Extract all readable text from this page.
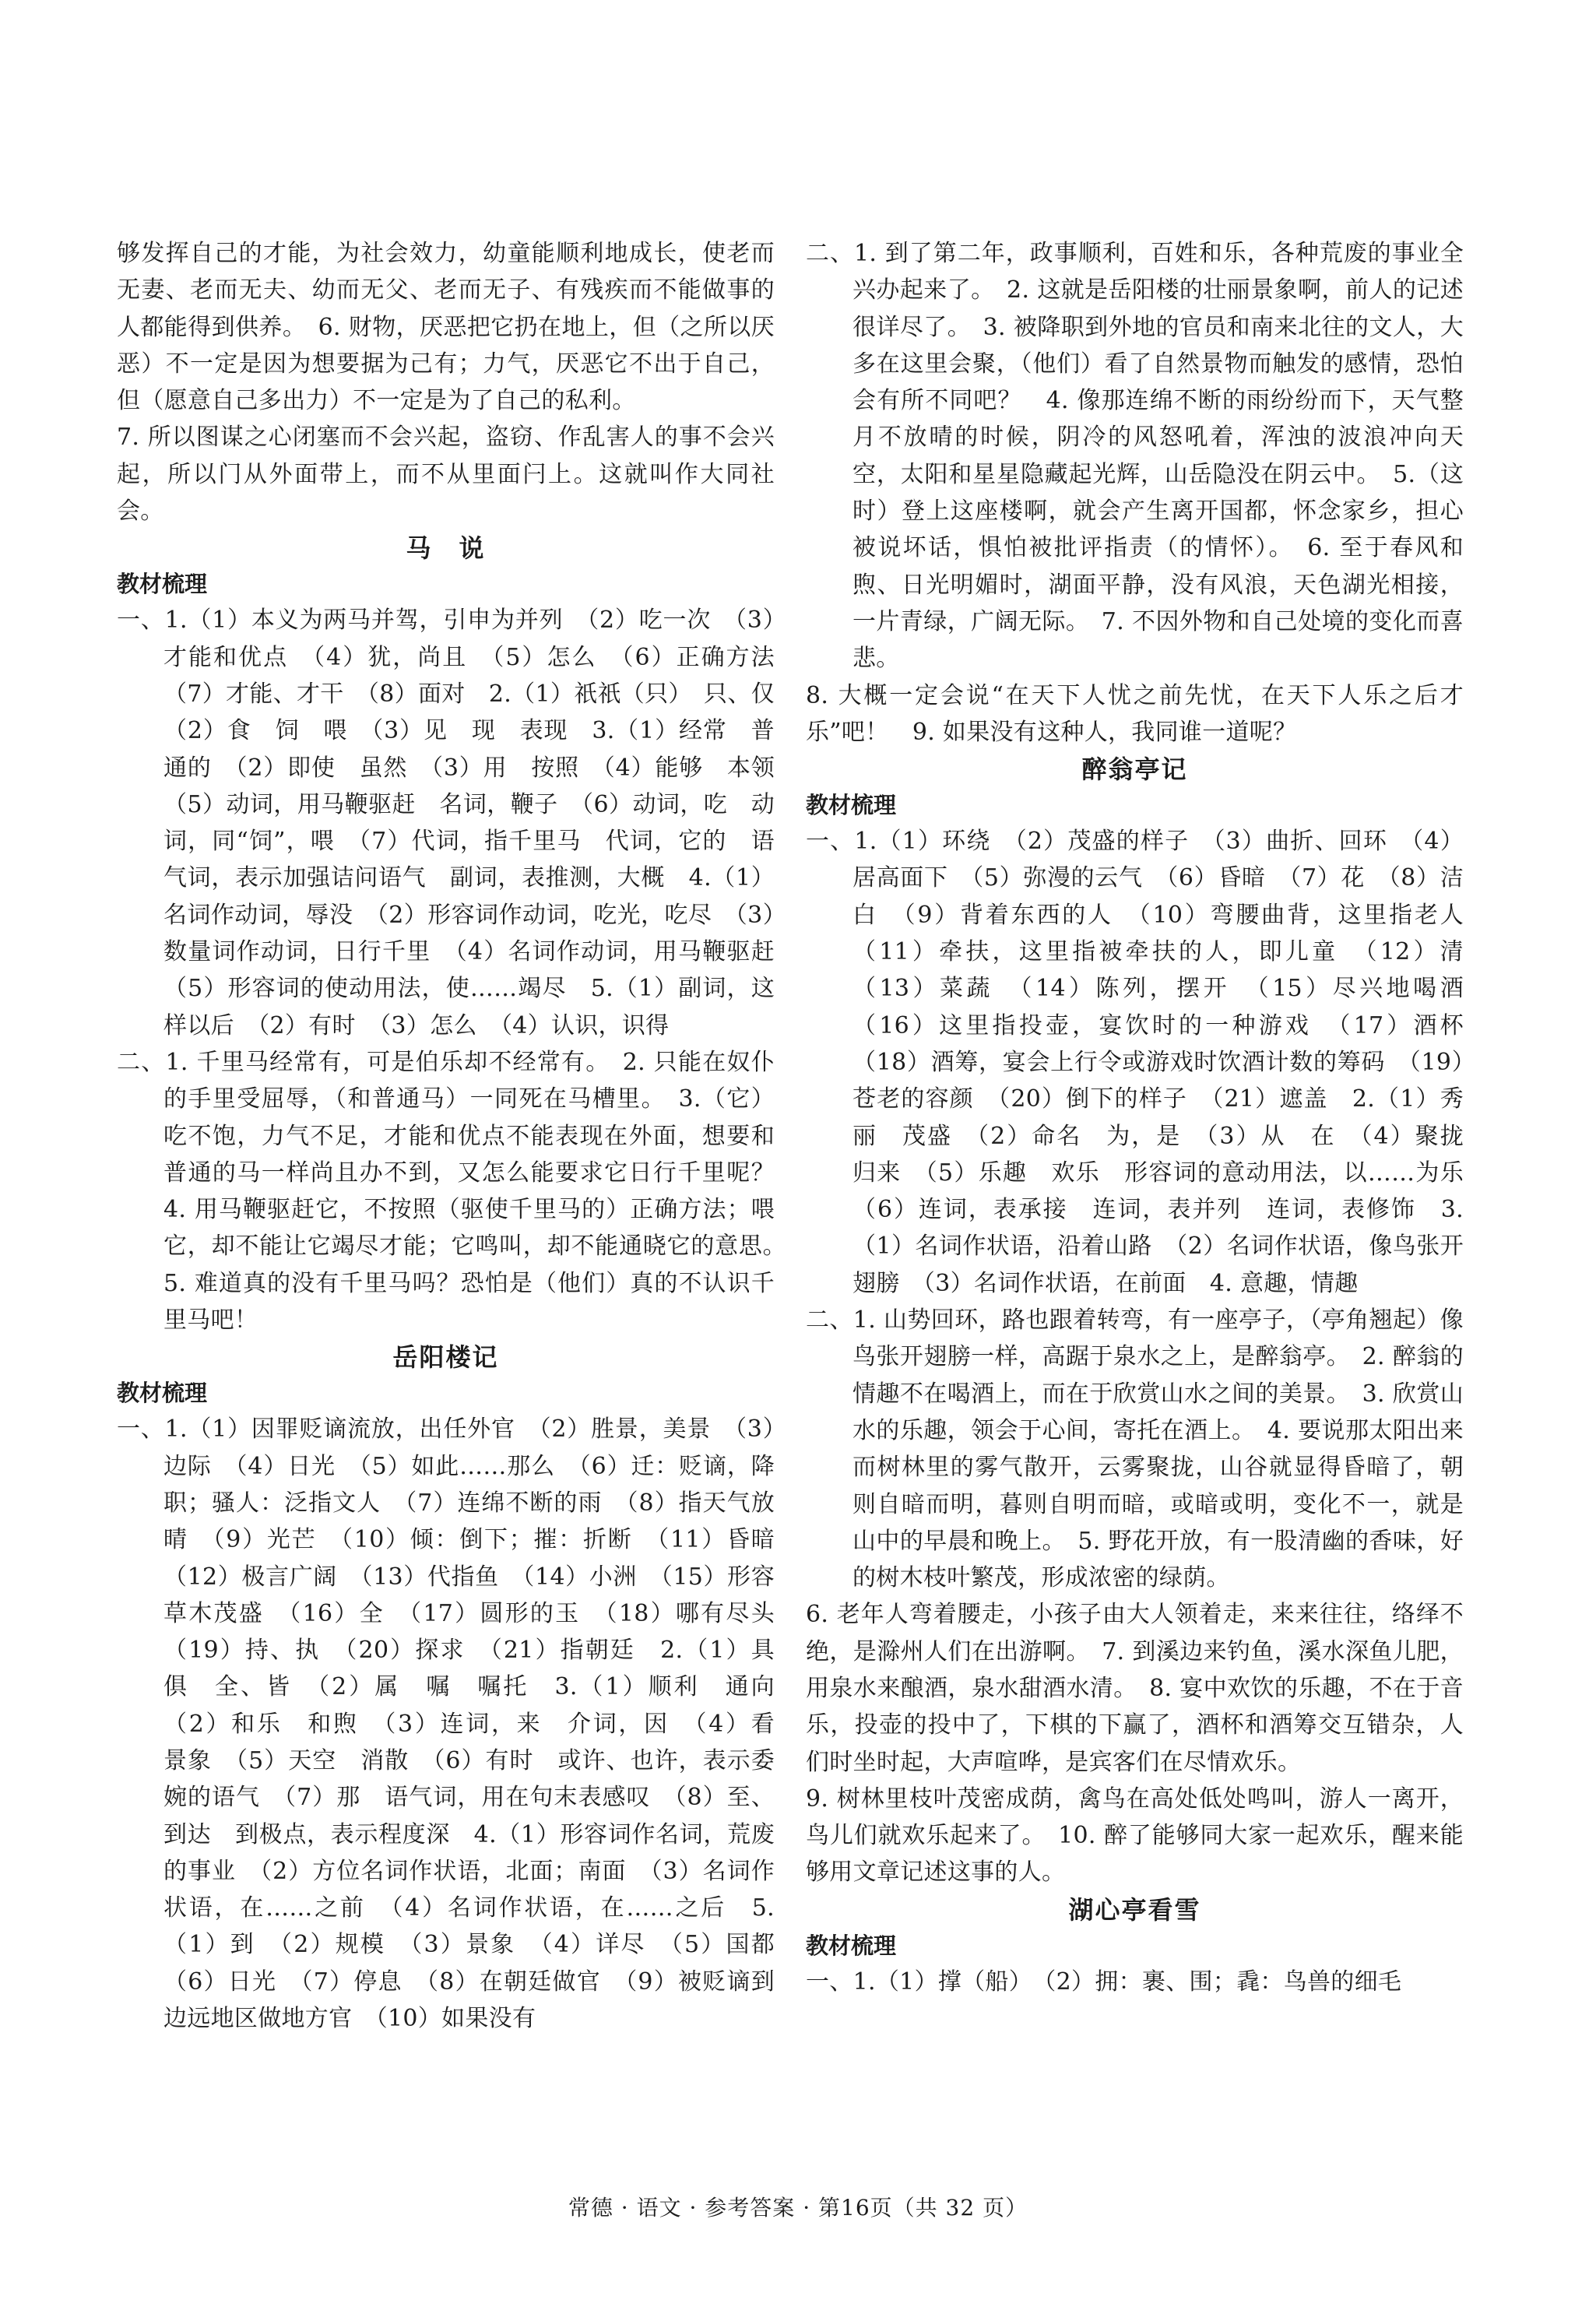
够发挥自己的才能，为社会效力，幼童能顺利地成长，使老而无妻、老而无夫、幼而无父、老而无子、有残疾而不能做事的人都能得到供养。　6. 财物，厌恶把它扔在地上，但（之所以厌恶）不一定是因为想要据为己有；力气，厌恶它不出于自己，但（愿意自己多出力）不一定是为了自己的私利。

7. 所以图谋之心闭塞而不会兴起，盗窃、作乱害人的事不会兴起，所以门从外面带上，而不从里面闩上。这就叫作大同社会。

马　说
教材梳理

一、1.（1）本义为两马并驾，引申为并列　（2）吃一次　（3）才能和优点　（4）犹，尚且　（5）怎么　（6）正确方法　（7）才能、才干　（8）面对　2.（1）祇祇（只）　只、仅　（2）食　饲　喂　（3）见　现　表现　3.（1）经常　普通的　（2）即使　虽然　（3）用　按照　（4）能够　本领　（5）动词，用马鞭驱赶　名词，鞭子　（6）动词，吃　动词，同“饲”，喂　（7）代词，指千里马　代词，它的　语气词，表示加强诘问语气　副词，表推测，大概　4.（1）名词作动词，辱没　（2）形容词作动词，吃光，吃尽　（3）数量词作动词，日行千里　（4）名词作动词，用马鞭驱赶　（5）形容词的使动用法，使……竭尽　5.（1）副词，这样以后　（2）有时　（3）怎么　（4）认识，识得

二、1. 千里马经常有，可是伯乐却不经常有。　2. 只能在奴仆的手里受屈辱，（和普通马）一同死在马槽里。　3.（它）吃不饱，力气不足，才能和优点不能表现在外面，想要和普通的马一样尚且办不到，又怎么能要求它日行千里呢？　4. 用马鞭驱赶它，不按照（驱使千里马的）正确方法；喂它，却不能让它竭尽才能；它鸣叫，却不能通晓它的意思。　5. 难道真的没有千里马吗？恐怕是（他们）真的不认识千里马吧！

岳阳楼记
教材梳理

一、1.（1）因罪贬谪流放，出任外官　（2）胜景，美景　（3）边际　（4）日光　（5）如此……那么　（6）迁：贬谪，降职；骚人：泛指文人　（7）连绵不断的雨　（8）指天气放晴　（9）光芒　（10）倾：倒下；摧：折断　（11）昏暗　（12）极言广阔　（13）代指鱼　（14）小洲　（15）形容草木茂盛　（16）全　（17）圆形的玉　（18）哪有尽头　（19）持、执　（20）探求　（21）指朝廷　2.（1）具　俱　全、皆　（2）属　嘱　嘱托　3.（1）顺利　通向　（2）和乐　和煦　（3）连词，来　介词，因　（4）看　景象　（5）天空　消散　（6）有时　或许、也许，表示委婉的语气　（7）那　语气词，用在句末表感叹　（8）至、到达　到极点，表示程度深　4.（1）形容词作名词，荒废的事业　（2）方位名词作状语，北面；南面　（3）名词作状语，在……之前　（4）名词作状语，在……之后　5.（1）到　（2）规模　（3）景象　（4）详尽　（5）国都　（6）日光　（7）停息　（8）在朝廷做官　（9）被贬谪到边远地区做地方官　（10）如果没有

二、1. 到了第二年，政事顺利，百姓和乐，各种荒废的事业全兴办起来了。　2. 这就是岳阳楼的壮丽景象啊，前人的记述很详尽了。　3. 被降职到外地的官员和南来北往的文人，大多在这里会聚，（他们）看了自然景物而触发的感情，恐怕会有所不同吧？　4. 像那连绵不断的雨纷纷而下，天气整月不放晴的时候，阴冷的风怒吼着，浑浊的波浪冲向天空，太阳和星星隐藏起光辉，山岳隐没在阴云中。　5.（这时）登上这座楼啊，就会产生离开国都，怀念家乡，担心被说坏话，惧怕被批评指责（的情怀）。　6. 至于春风和煦、日光明媚时，湖面平静，没有风浪，天色湖光相接，一片青绿，广阔无际。　7. 不因外物和自己处境的变化而喜悲。

8. 大概一定会说“在天下人忧之前先忧，在天下人乐之后才乐”吧！　9. 如果没有这种人，我同谁一道呢？

醉翁亭记
教材梳理

一、1.（1）环绕　（2）茂盛的样子　（3）曲折、回环　（4）居高面下　（5）弥漫的云气　（6）昏暗　（7）花　（8）洁白　（9）背着东西的人　（10）弯腰曲背，这里指老人　（11）牵扶，这里指被牵扶的人，即儿童　（12）清　（13）菜蔬　（14）陈列，摆开　（15）尽兴地喝酒　（16）这里指投壶，宴饮时的一种游戏　（17）酒杯　（18）酒筹，宴会上行令或游戏时饮酒计数的筹码　（19）苍老的容颜　（20）倒下的样子　（21）遮盖　2.（1）秀丽　茂盛　（2）命名　为，是　（3）从　在　（4）聚拢　归来　（5）乐趣　欢乐　形容词的意动用法，以……为乐　（6）连词，表承接　连词，表并列　连词，表修饰　3.（1）名词作状语，沿着山路　（2）名词作状语，像鸟张开翅膀　（3）名词作状语，在前面　4. 意趣，情趣

二、1. 山势回环，路也跟着转弯，有一座亭子，（亭角翘起）像鸟张开翅膀一样，高踞于泉水之上，是醉翁亭。　2. 醉翁的情趣不在喝酒上，而在于欣赏山水之间的美景。　3. 欣赏山水的乐趣，领会于心间，寄托在酒上。　4. 要说那太阳出来而树林里的雾气散开，云雾聚拢，山谷就显得昏暗了，朝则自暗而明，暮则自明而暗，或暗或明，变化不一，就是山中的早晨和晚上。　5. 野花开放，有一股清幽的香味，好的树木枝叶繁茂，形成浓密的绿荫。

6. 老年人弯着腰走，小孩子由大人领着走，来来往往，络绎不绝，是滁州人们在出游啊。　7. 到溪边来钓鱼，溪水深鱼儿肥，用泉水来酿酒，泉水甜酒水清。　8. 宴中欢饮的乐趣，不在于音乐，投壶的投中了，下棋的下赢了，酒杯和酒筹交互错杂，人们时坐时起，大声喧哗，是宾客们在尽情欢乐。

9. 树林里枝叶茂密成荫，禽鸟在高处低处鸣叫，游人一离开，鸟儿们就欢乐起来了。　10. 醉了能够同大家一起欢乐，醒来能够用文章记述这事的人。

湖心亭看雪
教材梳理

一、1.（1）撑（船）　（2）拥：裹、围；毳：鸟兽的细毛

常德 · 语文 · 参考答案 · 第16页（共 32 页）
